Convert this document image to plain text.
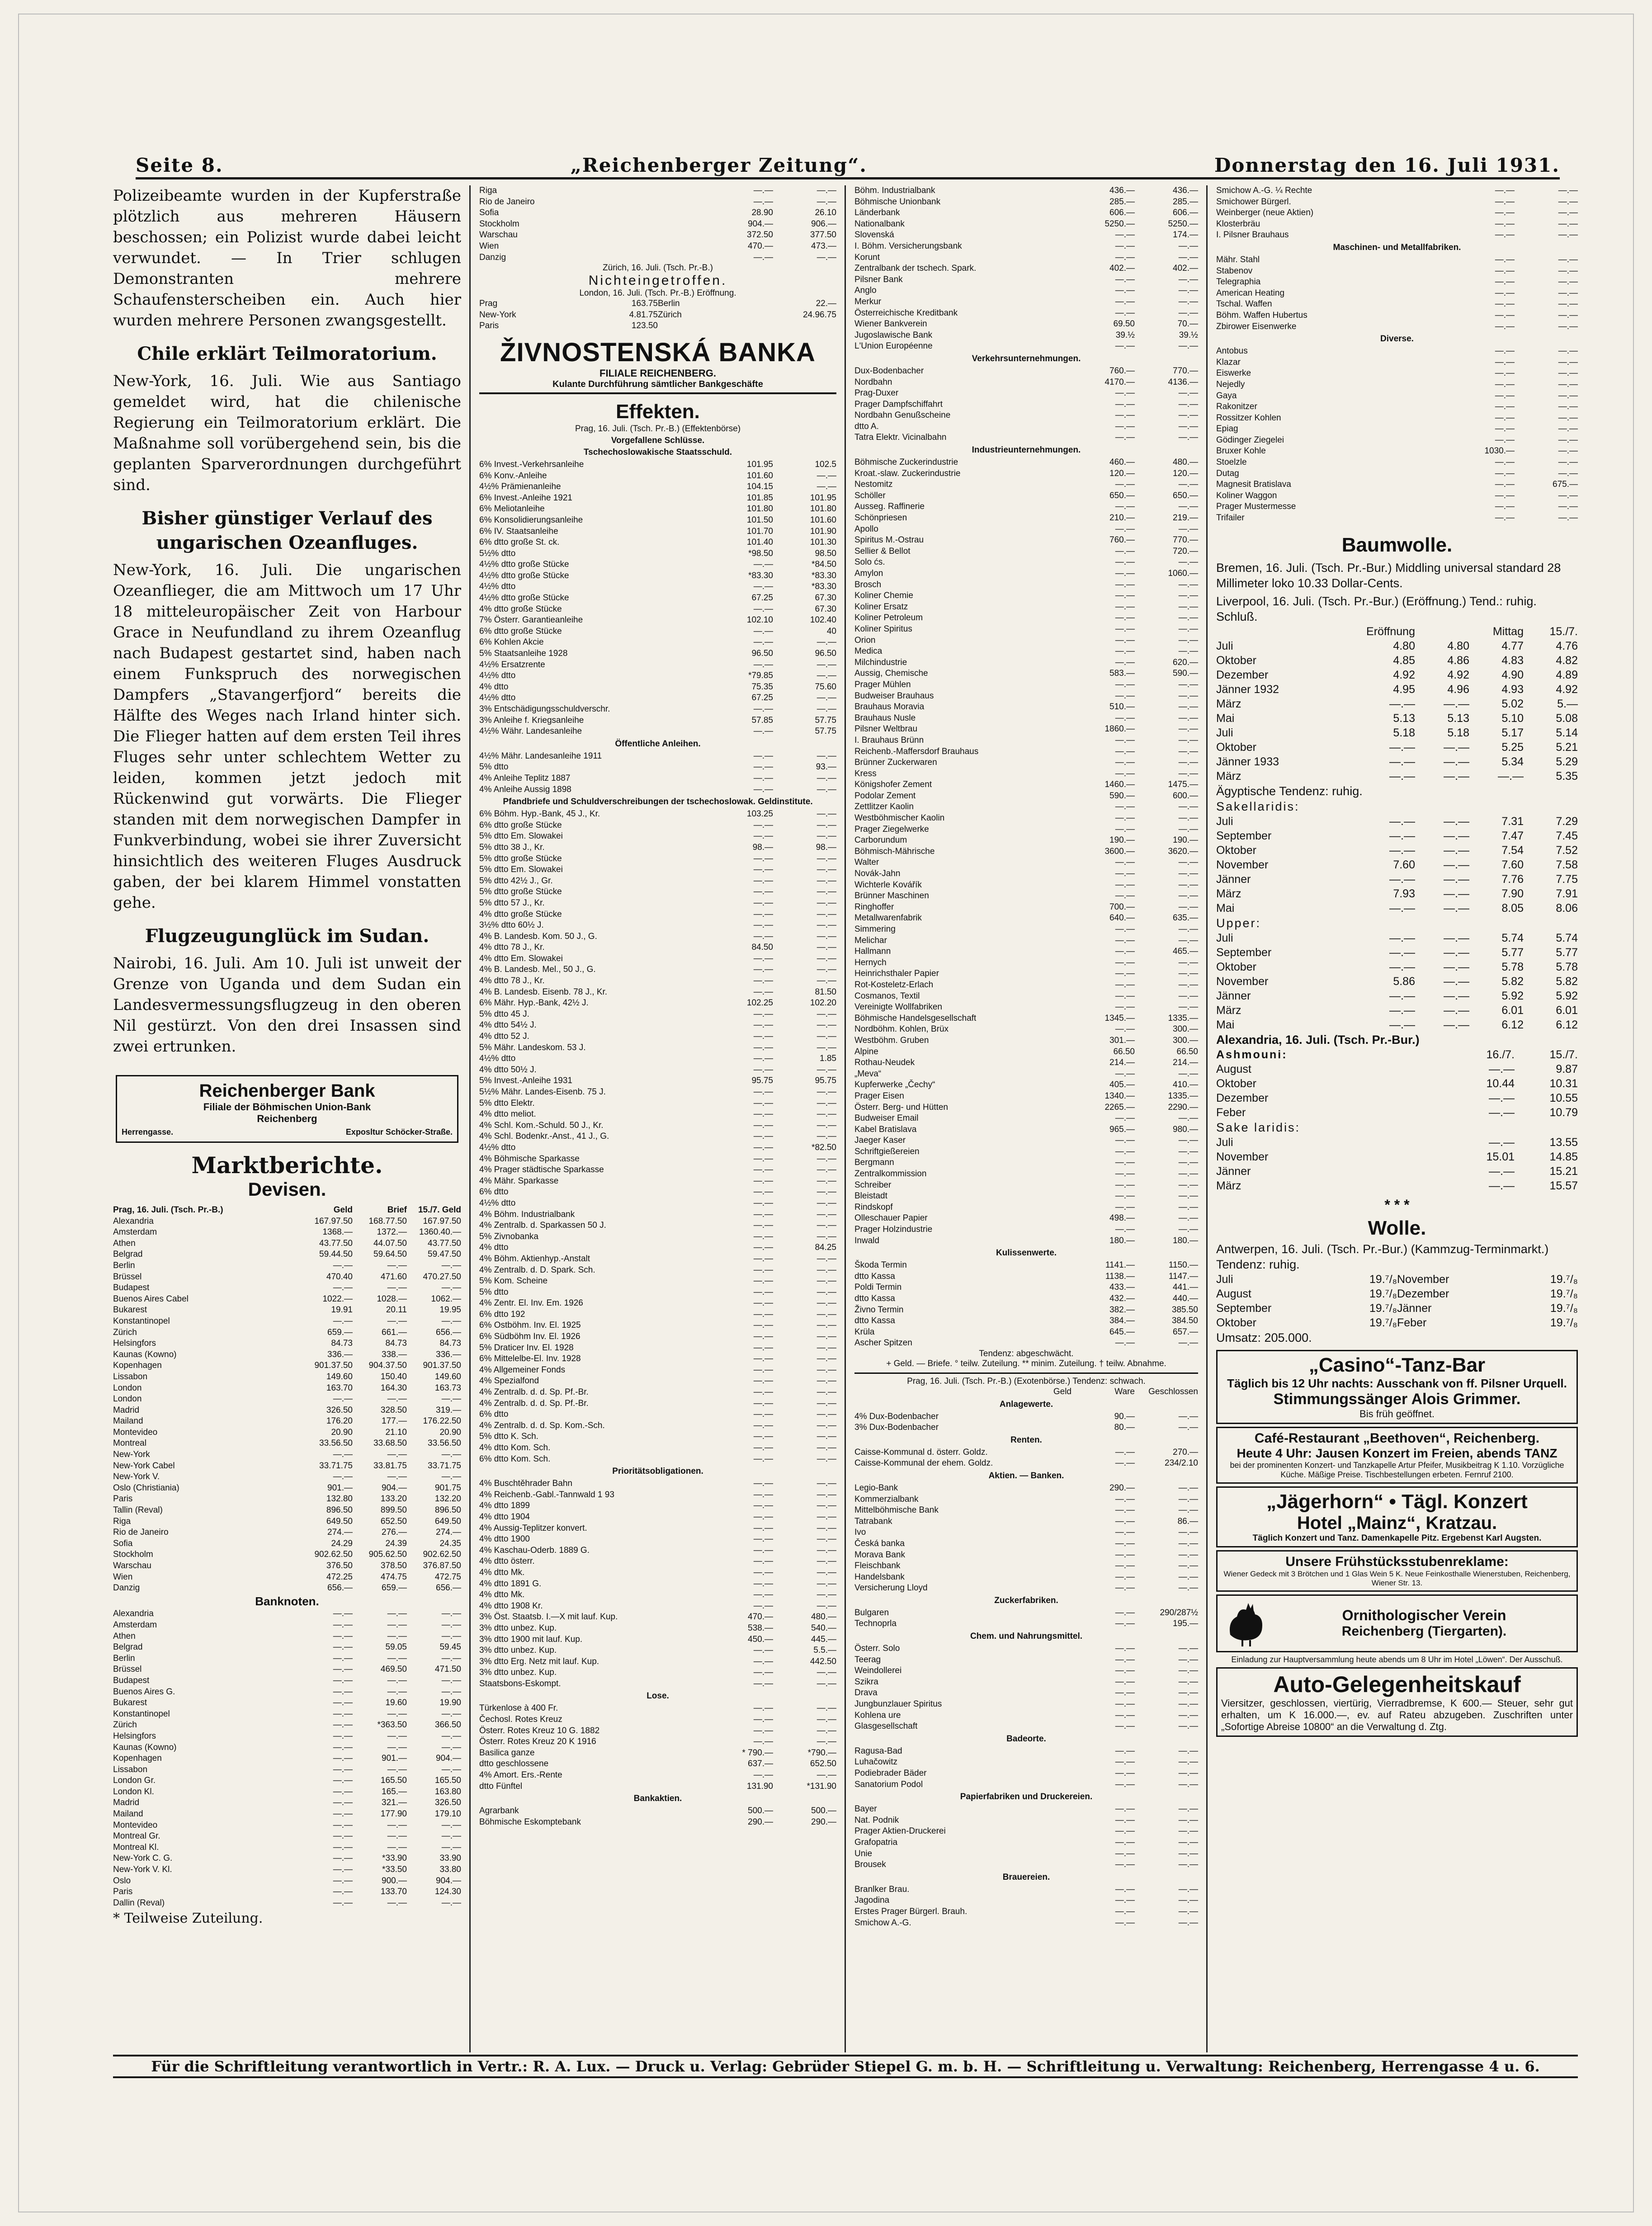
Seite 8.	„Reichenberger Zeitung“.	Donnerstag den 16. Juli 1931.

Polizeibeamte wurden in der Kupferstraße plötzlich aus mehreren Häusern beschossen; ein Polizist wurde dabei leicht verwundet. — In Trier schlugen Demonstranten mehrere Schaufensterscheiben ein. Auch hier wurden mehrere Personen zwangsgestellt.

Chile erklärt Teilmoratorium.

New-York, 16. Juli. Wie aus Santiago gemeldet wird, hat die chilenische Regierung ein Teilmoratorium erklärt. Die Maßnahme soll vorübergehend sein, bis die geplanten Sparverordnungen durchgeführt sind.

Bisher günstiger Verlauf des ungarischen Ozeanfluges.

New-York, 16. Juli. Die ungarischen Ozeanflieger, die am Mittwoch um 17 Uhr 18 mitteleuropäischer Zeit von Harbour Grace in Neufundland zu ihrem Ozeanflug nach Budapest gestartet sind, haben nach einem Funkspruch des norwegischen Dampfers „Stavangerfjord“ bereits die Hälfte des Weges nach Irland hinter sich. Die Flieger hatten auf dem ersten Teil ihres Fluges sehr unter schlechtem Wetter zu leiden, kommen jetzt jedoch mit Rückenwind gut vorwärts. Die Flieger standen mit dem norwegischen Dampfer in Funkverbindung, wobei sie ihrer Zuversicht hinsichtlich des weiteren Fluges Ausdruck gaben, der bei klarem Himmel vonstatten gehe.

Flugzeugunglück im Sudan.

Nairobi, 16. Juli. Am 10. Juli ist unweit der Grenze von Uganda und dem Sudan ein Landesvermessungsflugzeug in den oberen Nil gestürzt. Von den drei Insassen sind zwei ertrunken.

Reichenberger Bank
Filiale der Böhmischen Union-Bank
Reichenberg
Herrengasse.	Exposltur Schöcker-Straße.
Marktberichte.
Devisen.
Prag, 16. Juli. (Tsch. Pr.-B.)	Geld	Brief	15./7. Geld
Alexandria	167.97.50	168.77.50	167.97.50
Amsterdam	1368.—	1372.—	1360.40.—
Athen	43.77.50	44.07.50	43.77.50
Belgrad	59.44.50	59.64.50	59.47.50
Berlin	—.—	—.—	—.—
Brüssel	470.40	471.60	470.27.50
Budapest	—.—	—.—	—.—
Buenos Aires Cabel	1022.—	1028.—	1062.—
Bukarest	19.91	20.11	19.95
Konstantinopel	—.—	—.—	—.—
Zürich	659.—	661.—	656.—
Helsingfors	84.73	84.73	84.73
Kaunas (Kowno)	336.—	338.—	336.—
Kopenhagen	901.37.50	904.37.50	901.37.50
Lissabon	149.60	150.40	149.60
London	163.70	164.30	163.73
London	—.—	—.—	—.—
Madrid	326.50	328.50	319.—
Mailand	176.20	177.—	176.22.50
Montevideo	20.90	21.10	20.90
Montreal	33.56.50	33.68.50	33.56.50
New-York	—.—	—.—	—.—
New-York Cabel	33.71.75	33.81.75	33.71.75
New-York V.	—.—	—.—	—.—
Oslo (Christiania)	901.—	904.—	901.75
Paris	132.80	133.20	132.20
Tallin (Reval)	896.50	899.50	896.50
Riga	649.50	652.50	649.50
Rio de Janeiro	274.—	276.—	274.—
Sofia	24.29	24.39	24.35
Stockholm	902.62.50	905.62.50	902.62.50
Warschau	376.50	378.50	376.87.50
Wien	472.25	474.75	472.75
Danzig	656.—	659.—	656.—
Banknoten.
Alexandria	—.—	—.—	—.—
Amsterdam	—.—	—.—	—.—
Athen	—.—	—.—	—.—
Belgrad	—.—	59.05	59.45
Berlin	—.—	—.—	—.—
Brüssel	—.—	469.50	471.50
Budapest	—.—	—.—	—.—
Buenos Aires G.	—.—	—.—	—.—
Bukarest	—.—	19.60	19.90
Konstantinopel	—.—	—.—	—.—
Zürich	—.—	*363.50	366.50
Helsingfors	—.—	—.—	—.—
Kaunas (Kowno)	—.—	—.—	—.—
Kopenhagen	—.—	901.—	904.—
Lissabon	—.—	—.—	—.—
London Gr.	—.—	165.50	165.50
London Kl.	—.—	165.—	163.80
Madrid	—.—	321.—	326.50
Mailand	—.—	177.90	179.10
Montevideo	—.—	—.—	—.—
Montreal Gr.	—.—	—.—	—.—
Montreal Kl.	—.—	—.—	—.—
New-York C. G.	—.—	*33.90	33.90
New-York V. Kl.	—.—	*33.50	33.80
Oslo	—.—	900.—	904.—
Paris	—.—	133.70	124.30
Dallin (Reval)	—.—	—.—	—.—
* Teilweise Zuteilung.
Riga	—.—	—.—
Rio de Janeiro	—.—	—.—
Sofia	28.90	26.10
Stockholm	904.—	906.—
Warschau	372.50	377.50
Wien	470.—	473.—
Danzig	—.—	—.—
Zürich, 16. Juli. (Tsch. Pr.-B.)
Nichteingetroffen.
London, 16. Juli. (Tsch. Pr.-B.) Eröffnung.
Prag	163.75 Berlin	22.—
New-York	4.81.75 Zürich	24.96.75
Paris	123.50
ŽIVNOSTENSKÁ BANKA
FILIALE REICHENBERG.
Kulante Durchführung sämtlicher Bankgeschäfte
Effekten.
Prag, 16. Juli. (Tsch. Pr.-B.) (Effektenbörse)
Vorgefallene Schlüsse.
Tschechoslowakische Staatsschuld.
6% Invest.-Verkehrsanleihe	101.95	102.5
6% Konv.-Anleihe	101.60	—.—
4½% Prämienanleihe	104.15	—.—
6% Invest.-Anleihe 1921	101.85	101.95
6% Meliotanleihe	101.80	101.80
6% Konsolidierungsanleihe	101.50	101.60
6% IV. Staatsanleihe	101.70	101.90
6% dtto große St. ck.	101.40	101.30
5½% dtto	*98.50	98.50
4½% dtto große Stücke	—.—	*84.50
4½% dtto große Stücke	*83.30	*83.30
4½% dtto	—.—	*83.30
4½% dtto große Stücke	67.25	67.30
4% dtto große Stücke	—.—	67.30
7% Österr. Garantieanleihe	102.10	102.40
6% dtto große Stücke	—.—	40
6% Kohlen Akcie	—.—	—.—
5% Staatsanleihe 1928	96.50	96.50
4½% Ersatzrente	—.—	—.—
4½% dtto	*79.85	—.—
4% dtto	75.35	75.60
4½% dtto	67.25	—.—
3% Entschädigungsschuldverschr.	—.—	—.—
3% Anleihe f. Kriegsanleihe	57.85	57.75
4½% Währ. Landesanleihe	—.—	57.75
Öffentliche Anleihen.
4½% Mähr. Landesanleihe 1911	—.—	—.—
5% dtto	—.—	93.—
4% Anleihe Teplitz 1887	—.—	—.—
4% Anleihe Aussig 1898	—.—	—.—
Pfandbriefe und Schuldverschreibungen der tschechoslowak. Geldinstitute.
6% Böhm. Hyp.-Bank, 45 J., Kr.	103.25	—.—
6% dtto große Stücke	—.—	—.—
5% dtto Em. Slowakei	—.—	—.—
5% dtto 38 J., Kr.	98.—	98.—
5% dtto große Stücke	—.—	—.—
5% dtto Em. Slowakei	—.—	—.—
5% dtto 42½ J., Gr.	—.—	—.—
5% dtto große Stücke	—.—	—.—
5% dtto 57 J., Kr.	—.—	—.—
4% dtto große Stücke	—.—	—.—
3½% dtto 60½ J.	—.—	—.—
4% B. Landesb. Kom. 50 J., G.	—.—	—.—
4% dtto 78 J., Kr.	84.50	—.—
4% dtto Em. Slowakei	—.—	—.—
4% B. Landesb. Mel., 50 J., G.	—.—	—.—
4% dtto 78 J., Kr.	—.—	—.—
4% B. Landesb. Eisenb. 78 J., Kr.	—.—	81.50
6% Mähr. Hyp.-Bank, 42½ J.	102.25	102.20
5% dtto 45 J.	—.—	—.—
4% dtto 54½ J.	—.—	—.—
4% dtto 52 J.	—.—	—.—
5% Mähr. Landeskom. 53 J.	—.—	—.—
4½% dtto	—.—	1.85
4% dtto 50½ J.	—.—	—.—
5% Invest.-Anleihe 1931	95.75	95.75
5½% Mähr. Landes-Eisenb. 75 J.	—.—	—.—
5% dtto Elektr.	—.—	—.—
4% dtto meliot.	—.—	—.—
4% Schl. Kom.-Schuld. 50 J., Kr.	—.—	—.—
4% Schl. Bodenkr.-Anst., 41 J., G.	—.—	—.—
4½% dtto	—.—	*82.50
4% Böhmische Sparkasse	—.—	—.—
4% Prager städtische Sparkasse	—.—	—.—
4% Mähr. Sparkasse	—.—	—.—
6% dtto	—.—	—.—
4½% dtto	—.—	—.—
4% Böhm. Industrialbank	—.—	—.—
4% Zentralb. d. Sparkassen 50 J.	—.—	—.—
5% Zivnobanka	—.—	—.—
4% dtto	—.—	84.25
4% Böhm. Aktienhyp.-Anstalt	—.—	—.—
4% Zentralb. d. D. Spark. Sch.	—.—	—.—
5% Kom. Scheine	—.—	—.—
5% dtto	—.—	—.—
4% Zentr. El. Inv. Em. 1926	—.—	—.—
6% dtto 192	—.—	—.—
6% Ostböhm. Inv. El. 1925	—.—	—.—
6% Südböhm Inv. El. 1926	—.—	—.—
5% Draticer Inv. El. 1928	—.—	—.—
6% Mittelelbe-El. Inv. 1928	—.—	—.—
4% Allgemeiner Fonds	—.—	—.—
4% Spezialfond	—.—	—.—
4% Zentralb. d. d. Sp. Pf.-Br.	—.—	—.—
4% Zentralb. d. d. Sp. Pf.-Br.	—.—	—.—
6% dtto	—.—	—.—
4% Zentralb. d. d. Sp. Kom.-Sch.	—.—	—.—
5% dtto K. Sch.	—.—	—.—
4% dtto Kom. Sch.	—.—	—.—
6% dtto Kom. Sch.	—.—	—.—
Prioritätsobligationen.
4% Buschtěhrader Bahn	—.—	—.—
4% Reichenb.-Gabl.-Tannwald 1 93	—.—	—.—
4% dtto 1899	—.—	—.—
4% dtto 1904	—.—	—.—
4% Aussig-Teplitzer konvert.	—.—	—.—
4% dtto 1900	—.—	—.—
4% Kaschau-Oderb. 1889 G.	—.—	—.—
4% dtto österr.	—.—	—.—
4% dtto Mk.	—.—	—.—
4% dtto 1891 G.	—.—	—.—
4% dtto Mk.	—.—	—.—
4% dtto 1908 Kr.	—.—	—.—
3% Öst. Staatsb. I.—X mit lauf. Kup.	470.—	480.—
3% dtto unbez. Kup.	538.—	540.—
3% dtto 1900 mit lauf. Kup.	450.—	445.—
3% dtto unbez. Kup.	—.—	5.5.—
3% dtto Erg. Netz mit lauf. Kup.	—.—	442.50
3% dtto unbez. Kup.	—.—	—.—
Staatsbons-Eskompt.	—.—	—.—
Lose.
Türkenlose à 400 Fr.	—.—	—.—
Čechosl. Rotes Kreuz	—.—	—.—
Österr. Rotes Kreuz 10 G. 1882	—.—	—.—
Österr. Rotes Kreuz 20 K 1916	—.—	—.—
Basilica ganze	* 790.—	*790.—
dtto geschlossene	637.—	652.50
4% Amort. Ers.-Rente	—.—	—.—
dtto Fünftel	131.90	*131.90
Bankaktien.
Agrarbank	500.—	500.—
Böhmische Eskomptebank	290.—	290.—
Böhm. Industrialbank	436.—	436.—
Böhmische Unionbank	285.—	285.—
Länderbank	606.—	606.—
Nationalbank	5250.—	5250.—
Slovenská	—.—	174.—
I. Böhm. Versicherungsbank	—.—	—.—
Korunt	—.—	—.—
Zentralbank der tschech. Spark.	402.—	402.—
Pilsner Bank	—.—	—.—
Anglo	—.—	—.—
Merkur	—.—	—.—
Österreichische Kreditbank	—.—	—.—
Wiener Bankverein	69.50	70.—
Jugoslawische Bank	39.½	39.½
L'Union Européenne	—.—	—.—
Verkehrsunternehmungen.
Dux-Bodenbacher	760.—	770.—
Nordbahn	4170.—	4136.—
Prag-Duxer	—.—	—.—
Prager Dampfschiffahrt	—.—	—.—
Nordbahn Genußscheine	—.—	—.—
dtto A.	—.—	—.—
Tatra Elektr. Vicinalbahn	—.—	—.—
Industrieunternehmungen.
Böhmische Zuckerindustrie	460.—	480.—
Kroat.-slaw. Zuckerindustrie	120.—	120.—
Nestomitz	—.—	—.—
Schöller	650.—	650.—
Ausseg. Raffinerie	—.—	—.—
Schönpriesen	210.—	219.—
Apollo	—.—	—.—
Spiritus M.-Ostrau	760.—	770.—
Sellier & Bellot	—.—	720.—
Solo ćs.	—.—	—.—
Amylon	—.—	1060.—
Brosch	—.—	—.—
Koliner Chemie	—.—	—.—
Koliner Ersatz	—.—	—.—
Koliner Petroleum	—.—	—.—
Koliner Spiritus	—.—	—.—
Orion	—.—	—.—
Medica	—.—	—.—
Milchindustrie	—.—	620.—
Aussig, Chemische	583.—	590.—
Prager Mühlen	—.—	—.—
Budweiser Brauhaus	—.—	—.—
Brauhaus Moravia	510.—	—.—
Brauhaus Nusle	—.—	—.—
Pilsner Weltbrau	1860.—	—.—
I. Brauhaus Brünn	—.—	—.—
Reichenb.-Maffersdorf Brauhaus	—.—	—.—
Brünner Zuckerwaren	—.—	—.—
Kress	—.—	—.—
Königshofer Zement	1460.—	1475.—
Podolar Zement	590.—	600.—
Zettlitzer Kaolin	—.—	—.—
Westböhmischer Kaolin	—.—	—.—
Prager Ziegelwerke	—.—	—.—
Carborundum	190.—	190.—
Böhmisch-Mährische	3600.—	3620.—
Walter	—.—	—.—
Novák-Jahn	—.—	—.—
Wichterle Kovářík	—.—	—.—
Brünner Maschinen	—.—	—.—
Ringhoffer	700.—	—.—
Metallwarenfabrik	640.—	635.—
Simmering	—.—	—.—
Melichar	—.—	—.—
Hallmann	—.—	465.—
Hernych	—.—	—.—
Heinrichsthaler Papier	—.—	—.—
Rot-Kosteletz-Erlach	—.—	—.—
Cosmanos, Textil	—.—	—.—
Vereinigte Wollfabriken	—.—	—.—
Böhmische Handelsgesellschaft	1345.—	1335.—
Nordböhm. Kohlen, Brüx	—.—	300.—
Westböhm. Gruben	301.—	300.—
Alpine	66.50	66.50
Rothau-Neudek	214.—	214.—
„Meva“	—.—	—.—
Kupferwerke „Čechy“	405.—	410.—
Prager Eisen	1340.—	1335.—
Österr. Berg- und Hütten	2265.—	2290.—
Budweiser Email	—.—	—.—
Kabel Bratislava	965.—	980.—
Jaeger Kaser	—.—	—.—
Schriftgießereien	—.—	—.—
Bergmann	—.—	—.—
Zentralkommission	—.—	—.—
Schreiber	—.—	—.—
Bleistadt	—.—	—.—
Rindskopf	—.—	—.—
Olleschauer Papier	498.—	—.—
Prager Holzindustrie	—.—	—.—
Inwald	180.—	180.—
Kulissenwerte.
Škoda Termin	1141.—	1150.—
dtto Kassa	1138.—	1147.—
Poldi Termin	433.—	441.—
dtto Kassa	432.—	440.—
Živno Termin	382.—	385.50
dtto Kassa	384.—	384.50
Krüla	645.—	657.—
Ascher Spitzen	—.—	—.—
Tendenz: abgeschwächt.
+ Geld. — Briefe. ° teilw. Zuteilung. ** minim. Zuteilung. † teilw. Abnahme.
Prag, 16. Juli. (Tsch. Pr.-B.) (Exotenbörse.) Tendenz: schwach.
Geld	Ware	Geschlossen
Anlagewerte.
4% Dux-Bodenbacher	90.—	—.—
3% Dux-Bodenbacher	80.—	—.—
Renten.
Caisse-Kommunal d. österr. Goldz.	—.—	270.—
Caisse-Kommunal der ehem. Goldz.	—.—	234/2.10
Aktien. — Banken.
Legio-Bank	290.—	—.—
Kommerzialbank	—.—	—.—
Mittelböhmische Bank	—.—	—.—
Tatrabank	—.—	86.—
Ivo	—.—	—.—
Česká banka	—.—	—.—
Morava Bank	—.—	—.—
Fleischbank	—.—	—.—
Handelsbank	—.—	—.—
Versicherung Lloyd	—.—	—.—
Zuckerfabriken.
Bulgaren	—.—	290/287½
Technoprla	—.—	195.—
Chem. und Nahrungsmittel.
Österr. Solo	—.—	—.—
Teerag	—.—	—.—
Weindollerei	—.—	—.—
Szikra	—.—	—.—
Drava	—.—	—.—
Jungbunzlauer Spiritus	—.—	—.—
Kohlena ure	—.—	—.—
Glasgesellschaft	—.—	—.—
Badeorte.
Ragusa-Bad	—.—	—.—
Luhačowitz	—.—	—.—
Podiebrader Bäder	—.—	—.—
Sanatorium Podol	—.—	—.—
Papierfabriken und Druckereien.
Bayer	—.—	—.—
Nat. Podnik	—.—	—.—
Prager Aktien-Druckerei	—.—	—.—
Grafopatria	—.—	—.—
Unie	—.—	—.—
Brousek	—.—	—.—
Brauereien.
Branlker Brau.	—.—	—.—
Jagodina	—.—	—.—
Erstes Prager Bürgerl. Brauh.	—.—	—.—
Smichow A.-G.	—.—	—.—
Smichow A.-G. ¼ Rechte	—.—	—.—
Smichower Bürgerl.	—.—	—.—
Weinberger (neue Aktien)	—.—	—.—
Klosterbräu	—.—	—.—
I. Pilsner Brauhaus	—.—	—.—
Maschinen- und Metallfabriken.
Mähr. Stahl	—.—	—.—
Stabenov	—.—	—.—
Telegraphia	—.—	—.—
American Heating	—.—	—.—
Tschal. Waffen	—.—	—.—
Böhm. Waffen Hubertus	—.—	—.—
Zbirower Eisenwerke	—.—	—.—
Diverse.
Antobus	—.—	—.—
Klazar	—.—	—.—
Eiswerke	—.—	—.—
Nejedly	—.—	—.—
Gaya	—.—	—.—
Rakonitzer	—.—	—.—
Rossitzer Kohlen	—.—	—.—
Epiag	—.—	—.—
Gödinger Ziegelei	—.—	—.—
Bruxer Kohle	1030.—	—.—
Stoelzle	—.—	—.—
Dutag	—.—	—.—
Magnesit Bratislava	—.—	675.—
Koliner Waggon	—.—	—.—
Prager Mustermesse	—.—	—.—
Trifailer	—.—	—.—
Baumwolle.
Bremen, 16. Juli. (Tsch. Pr.-Bur.) Middling universal standard 28 Millimeter loko 10.33 Dollar-Cents.
Liverpool, 16. Juli. (Tsch. Pr.-Bur.) (Eröffnung.) Tend.: ruhig. Schluß.
Eröffnung	Mittag	15./7.
Juli	4.80	4.80	4.77	4.76
Oktober	4.85	4.86	4.83	4.82
Dezember	4.92	4.92	4.90	4.89
Jänner 1932	4.95	4.96	4.93	4.92
März	—.—	—.—	5.02	5.—
Mai	5.13	5.13	5.10	5.08
Juli	5.18	5.18	5.17	5.14
Oktober	—.—	—.—	5.25	5.21
Jänner 1933	—.—	—.—	5.34	5.29
März	—.—	—.—	—.—	5.35
Ägyptische Tendenz: ruhig.
Sakellaridis:
Juli	—.—	—.—	7.31	7.29
September	—.—	—.—	7.47	7.45
Oktober	—.—	—.—	7.54	7.52
November	7.60	—.—	7.60	7.58
Jänner	—.—	—.—	7.76	7.75
März	7.93	—.—	7.90	7.91
Mai	—.—	—.—	8.05	8.06
Upper:
Juli	—.—	—.—	5.74	5.74
September	—.—	—.—	5.77	5.77
Oktober	—.—	—.—	5.78	5.78
November	5.86	—.—	5.82	5.82
Jänner	—.—	—.—	5.92	5.92
März	—.—	—.—	6.01	6.01
Mai	—.—	—.—	6.12	6.12
Alexandria, 16. Juli. (Tsch. Pr.-Bur.)
Ashmouni:	16./7.	15./7.
August	—.—	9.87
Oktober	10.44	10.31
Dezember	—.—	10.55
Feber	—.—	10.79
Sake laridis:
Juli	—.—	13.55
November	15.01	14.85
Jänner	—.—	15.21
März	—.—	15.57
* * *
Wolle.
Antwerpen, 16. Juli. (Tsch. Pr.-Bur.) (Kammzug-Terminmarkt.) Tendenz: ruhig.
Juli	19.⁷/₈ November	19.⁷/₈
August	19.⁷/₈ Dezember	19.⁷/₈
September	19.⁷/₈ Jänner	19.⁷/₈
Oktober	19.⁷/₈ Feber	19.⁷/₈
Umsatz: 205.000.
„Casino“-Tanz-Bar
Täglich bis 12 Uhr nachts: Ausschank von ff. Pilsner Urquell.
Stimmungssänger Alois Grimmer.
Bis früh geöffnet.
Café-Restaurant „Beethoven“, Reichenberg.
Heute 4 Uhr: Jausen Konzert im Freien, abends TANZ
bei der prominenten Konzert- und Tanzkapelle Artur Pfeifer, Musikbeitrag K 1.10. Vorzügliche Küche. Mäßige Preise. Tischbestellungen erbeten. Fernruf 2100.
„Jägerhorn“ • Tägl. Konzert
Hotel „Mainz“, Kratzau.
Täglich Konzert und Tanz. Damenkapelle Pitz. Ergebenst Karl Augsten.
Unsere Frühstücksstubenreklame:
Wiener Gedeck mit 3 Brötchen und 1 Glas Wein 5 K. Neue Feinkosthalle Wienerstuben, Reichenberg, Wiener Str. 13.
Ornithologischer Verein
Reichenberg (Tiergarten).
Einladung zur Hauptversammlung heute abends um 8 Uhr im Hotel „Löwen“. Der Ausschuß.
Auto-Gelegenheitskauf
Viersitzer, geschlossen, viertürig, Vierradbremse, K 600.— Steuer, sehr gut erhalten, um K 16.000.—, ev. auf Rateu abzugeben. Zuschriften unter „Sofortige Abreise 10800“ an die Verwaltung d. Ztg.
Für die Schriftleitung verantwortlich in Vertr.: R. A. Lux. — Druck u. Verlag: Gebrüder Stiepel G. m. b. H. — Schriftleitung u. Verwaltung: Reichenberg, Herrengasse 4 u. 6.
